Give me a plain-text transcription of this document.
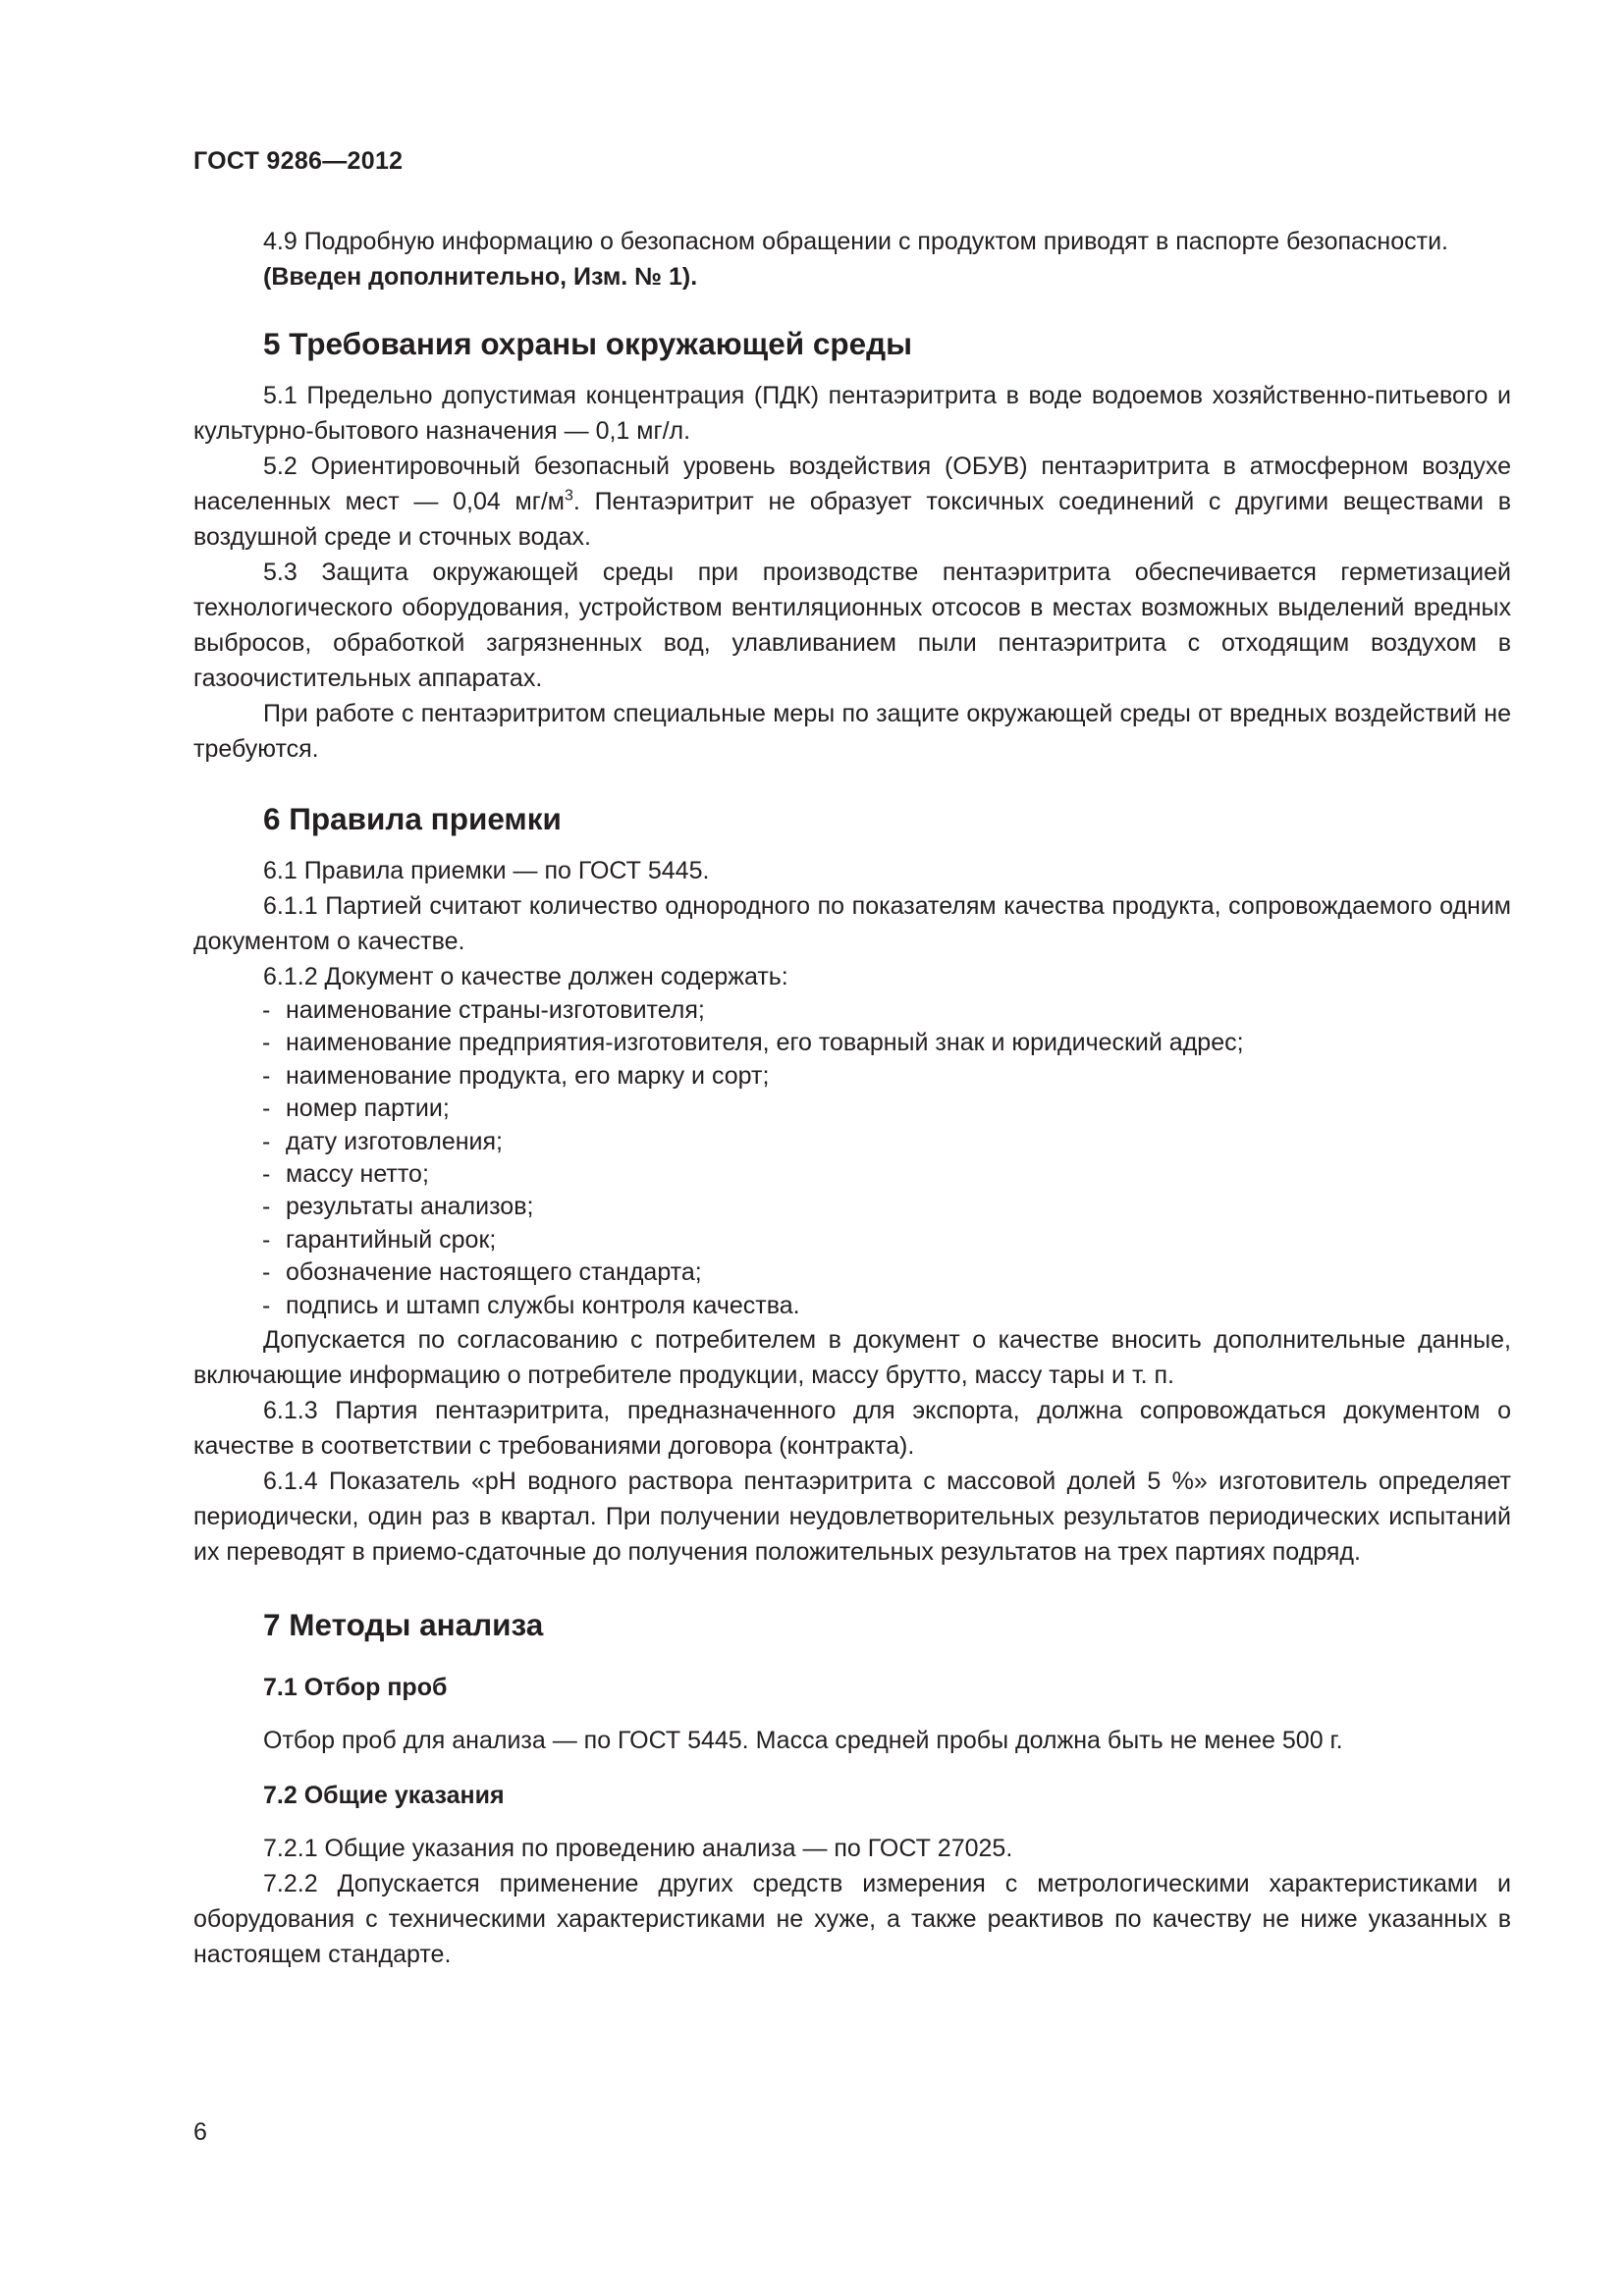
ГОСТ 9286—2012

4.9 Подробную информацию о безопасном обращении с продуктом приводят в паспорте безопасности.

(Введен дополнительно, Изм. № 1).

5 Требования охраны окружающей среды

5.1 Предельно допустимая концентрация (ПДК) пентаэритрита в воде водоемов хозяйственно-питьевого и культурно-бытового назначения — 0,1 мг/л.

5.2 Ориентировочный безопасный уровень воздействия (ОБУВ) пентаэритрита в атмосферном воздухе населенных мест — 0,04 $мг/м^3$. Пентаэритрит не образует токсичных соединений с другими веществами в воздушной среде и сточных водах.

5.3 Защита окружающей среды при производстве пентаэритрита обеспечивается герметизацией технологического оборудования, устройством вентиляционных отсосов в местах возможных выделений вредных выбросов, обработкой загрязненных вод, улавливанием пыли пентаэритрита с отходящим воздухом в газоочистительных аппаратах.

При работе с пентаэритритом специальные меры по защите окружающей среды от вредных воздействий не требуются.

6 Правила приемки

6.1 Правила приемки — по ГОСТ 5445.

6.1.1 Партией считают количество однородного по показателям качества продукта, сопровождаемого одним документом о качестве.

6.1.2 Документ о качестве должен содержать:

- наименование страны-изготовителя;
- наименование предприятия-изготовителя, его товарный знак и юридический адрес;
- наименование продукта, его марку и сорт;
- номер партии;
- дату изготовления;
- массу нетто;
- результаты анализов;
- гарантийный срок;
- обозначение настоящего стандарта;
- подпись и штамп службы контроля качества.

Допускается по согласованию с потребителем в документ о качестве вносить дополнительные данные, включающие информацию о потребителе продукции, массу брутто, массу тары и т. п.

6.1.3 Партия пентаэритрита, предназначенного для экспорта, должна сопровождаться документом о качестве в соответствии с требованиями договора (контракта).

6.1.4 Показатель «рН водного раствора пентаэритрита с массовой долей 5 %» изготовитель определяет периодически, один раз в квартал. При получении неудовлетворительных результатов периодических испытаний их переводят в приемо-сдаточные до получения положительных результатов на трех партиях подряд.

7 Методы анализа
7.1 Отбор проб

Отбор проб для анализа — по ГОСТ 5445. Масса средней пробы должна быть не менее 500 г.

7.2 Общие указания

7.2.1 Общие указания по проведению анализа — по ГОСТ 27025.

7.2.2 Допускается применение других средств измерения с метрологическими характеристиками и оборудования с техническими характеристиками не хуже, а также реактивов по качеству не ниже указанных в настоящем стандарте.

6
